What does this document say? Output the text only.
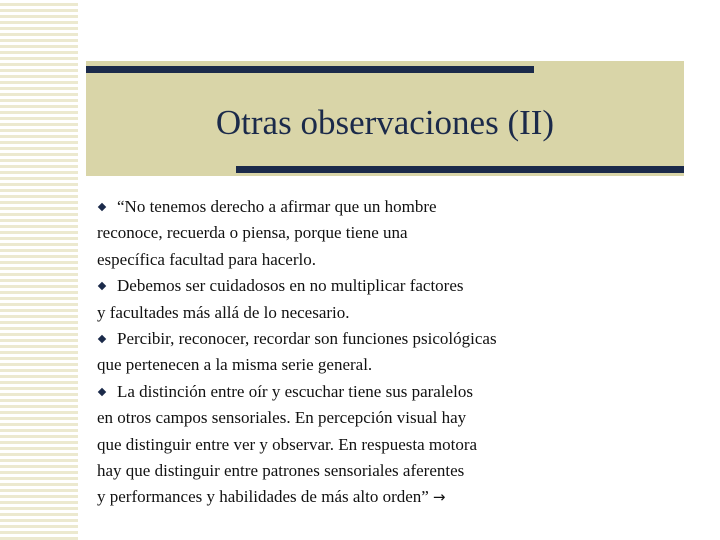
Otras observaciones (II)

“No tenemos derecho a afirmar que un hombre
reconoce, recuerda o piensa, porque tiene una
específica facultad para hacerlo.

Debemos ser cuidadosos en no multiplicar factores
y facultades más allá de lo necesario.

Percibir, reconocer, recordar son funciones psicológicas
que pertenecen a la misma serie general.

La distinción entre oír y escuchar tiene sus paralelos
en otros campos sensoriales. En percepción visual hay
que distinguir entre ver y observar. En respuesta motora
hay que distinguir entre patrones sensoriales aferentes
y performances y habilidades de más alto orden” →
